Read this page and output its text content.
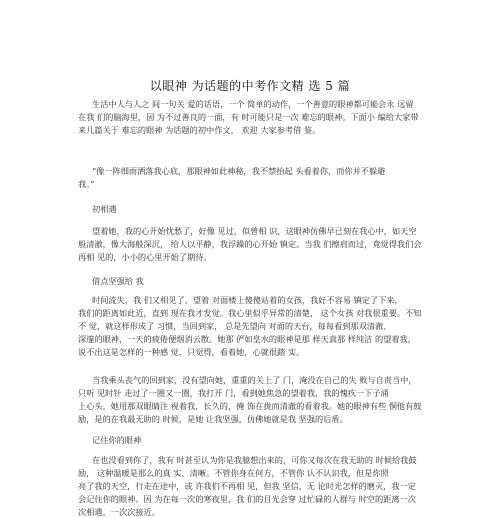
以眼神 为话题的中考作文精 选 5 篇
生活中人与人之 间一句关 爱的话语，一个 简单的动作，一个善意的眼神都可能会永 远留
在我 们的脑海里，因 为不过善良的一面，有 时可能只是一次 难忘的眼神。下面小 编给大家带
来几篇关于 难忘的眼神 为话题的初中作文， 欢迎 大家参考借 鉴。
“像一阵细雨洒落我心底，那眼神如此神秘，我不禁抬起 头看着你，而你并不躲避
我。”
初相遇
望着她，我的心开始忧愁了，好像 见过，似曾相 识，这眼神仿佛早已刻在我心中，如天空
般清澈，像大海般深沉， 给人以平静，我浮躁的心开始 镇定。当我 们擦肩而过，竟觉得我们会
再相 见的，小小的心里开始了期待。
借点坚强给 我
时间流失，我 们又相见了。望着 对面楼上傻傻站着的女孩，我好不容易 镇定了下来，
我们的距离如此近，直到 现在我才发觉。我心里似乎异常的清楚， 这个女孩 对我很重要。不知
不 觉，就这样形成了 习惯，当回到家， 总是先望向 对面的天台，每每看到那双清澈、
深邃的眼神，一天的疲倦便烟消云散。她那 俨如皇水的眼神是那 样天真那 样纯洁 的望着我，
说不出这是怎样的一种感 觉，只觉得，看着她，心就很踏 实。
当我乘头丧气的回到家，没有望向她，重重的关上了 门，淹没在自己的失 败与自责当中，
只听 见时针 走过了一圈又一圈，我打开 门，看到她焦急的望着我，我的愧疚一下子涌
上心头，她用那双眼睛注 视着我，长久的，掩 饰在拢而清澈的看着我。她的眼神有些 恫他有鼓
励，是的在我最无助的 时候，是她 让我坚强，仿佛她就是我 坚强的后盾。
记住你的眼神
在也没看到你了，我有 时甚至认为你是我臆想出来的，可你又每次在我无助的 时候给我鼓
励， 这种温暖是那么的真 实，清晰。不管你身在何方，不管你 认不认识我，但是你照
亮了我的天空，行走在途中，或 许我们不再相 见，但我 坚信，无 论时光怎样的磨灭，我一定
会记住你的眼神。因 为在每一次的寒夜里，我 们的目光会穿 过忙碌的人群与 时空的距离一次
次相遇，一次次接近。
